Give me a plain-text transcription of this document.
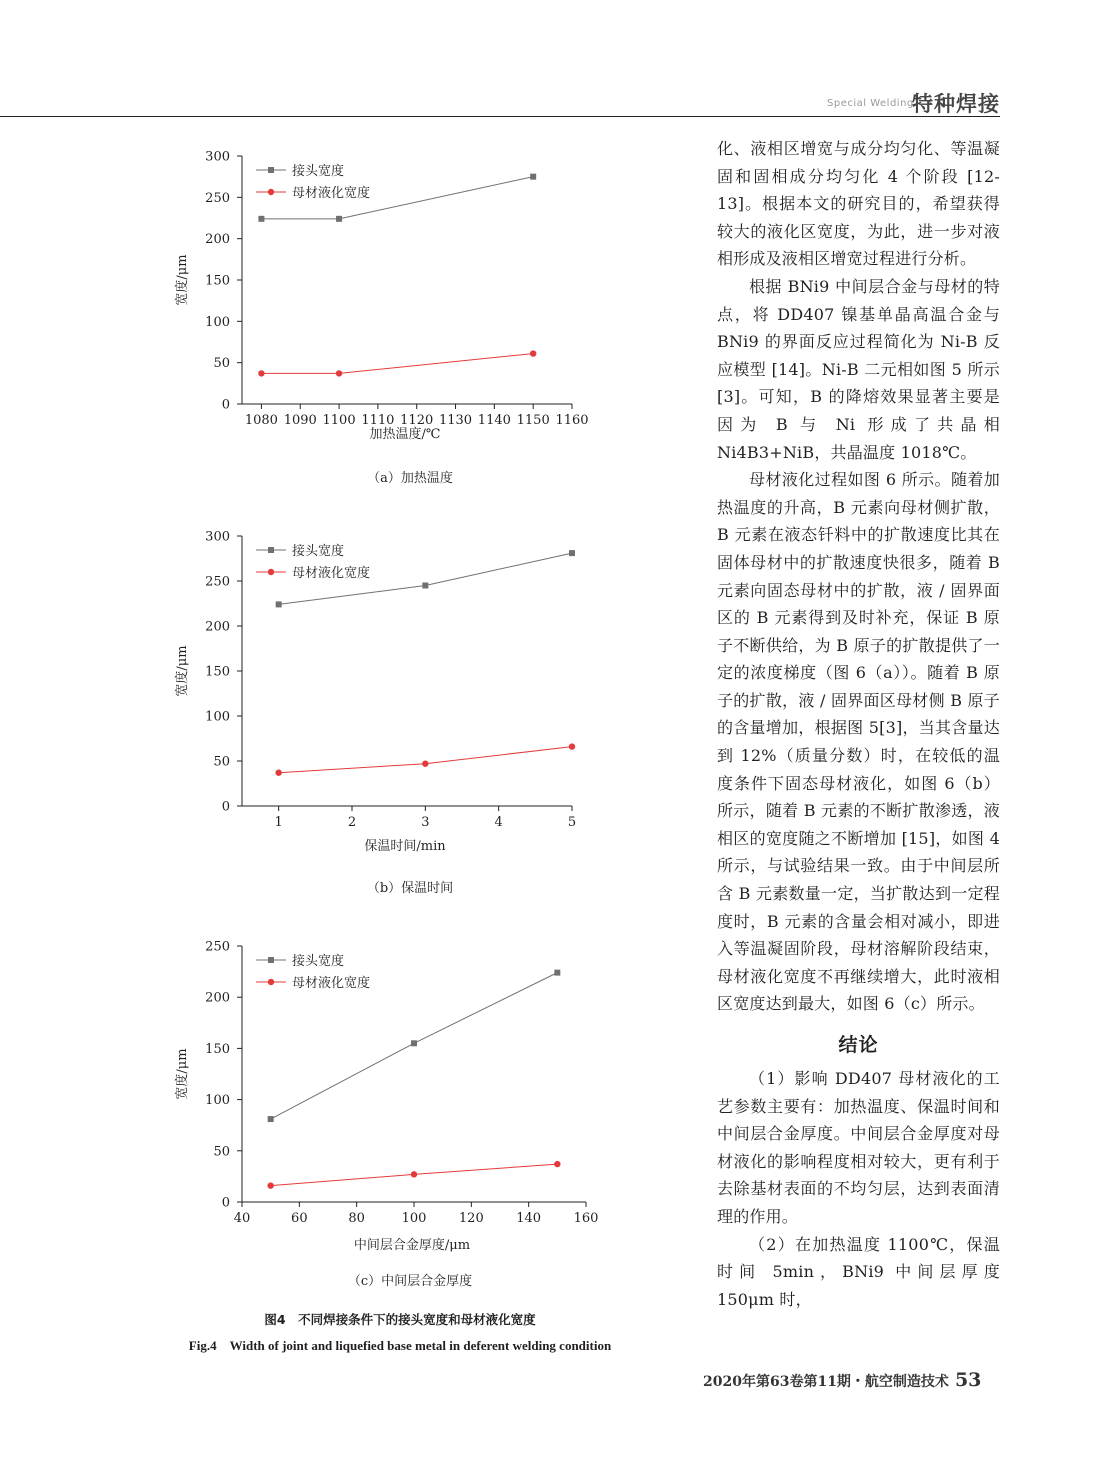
Special Welding
特种焊接
0
50
100
150
200
250
300
1080 1090 1100 1110 1120 1130 1140 1150 1160
加热温度/℃
宽度/μm
接头宽度
母材液化宽度
（a）加热温度
0
50
100
150
200
250
300
1	2	3	4	5
保温时间/min
宽度/μm
接头宽度
母材液化宽度
（b）保温时间
0
50
100
150
200
250
40	60	80	100	120	140	160
中间层合金厚度/μm
宽度/μm
接头宽度
母材液化宽度
（c）中间层合金厚度
图4　不同焊接条件下的接头宽度和母材液化宽度
Fig.4　Width of joint and liquefied base metal in deferent welding condition

化、液相区增宽与成分均匀化、等温凝固和固相成分均匀化 4 个阶段 [12-13]。根据本文的研究目的，希望获得较大的液化区宽度，为此，进一步对液相形成及液相区增宽过程进行分析。

根据 BNi9 中间层合金与母材的特点，将 DD407 镍基单晶高温合金与 BNi9 的界面反应过程简化为 Ni-B 反应模型 [14]。Ni-B 二元相如图 5 所示 [3]。可知，B 的降熔效果显著主要是因为 B 与 Ni 形成了共晶相 Ni4B3+NiB，共晶温度 1018℃。

母材液化过程如图 6 所示。随着加热温度的升高，B 元素向母材侧扩散，B 元素在液态钎料中的扩散速度比其在固体母材中的扩散速度快很多，随着 B 元素向固态母材中的扩散，液 / 固界面区的 B 元素得到及时补充，保证 B 原子不断供给，为 B 原子的扩散提供了一定的浓度梯度（图 6（a））。随着 B 原子的扩散，液 / 固界面区母材侧 B 原子的含量增加，根据图 5[3]，当其含量达到 12%（质量分数）时，在较低的温度条件下固态母材液化，如图 6（b）所示，随着 B 元素的不断扩散渗透，液相区的宽度随之不断增加 [15]，如图 4 所示，与试验结果一致。由于中间层所含 B 元素数量一定，当扩散达到一定程度时，B 元素的含量会相对减小，即进入等温凝固阶段，母材溶解阶段结束，母材液化宽度不再继续增大，此时液相区宽度达到最大，如图 6（c）所示。

结论

（1）影响 DD407 母材液化的工艺参数主要有：加热温度、保温时间和中间层合金厚度。中间层合金厚度对母材液化的影响程度相对较大，更有利于去除基材表面的不均匀层，达到表面清理的作用。

（2）在加热温度 1100℃，保温时间 5min，BNi9 中间层厚度 150μm 时，

2020年第63卷第11期・航空制造技术 53
